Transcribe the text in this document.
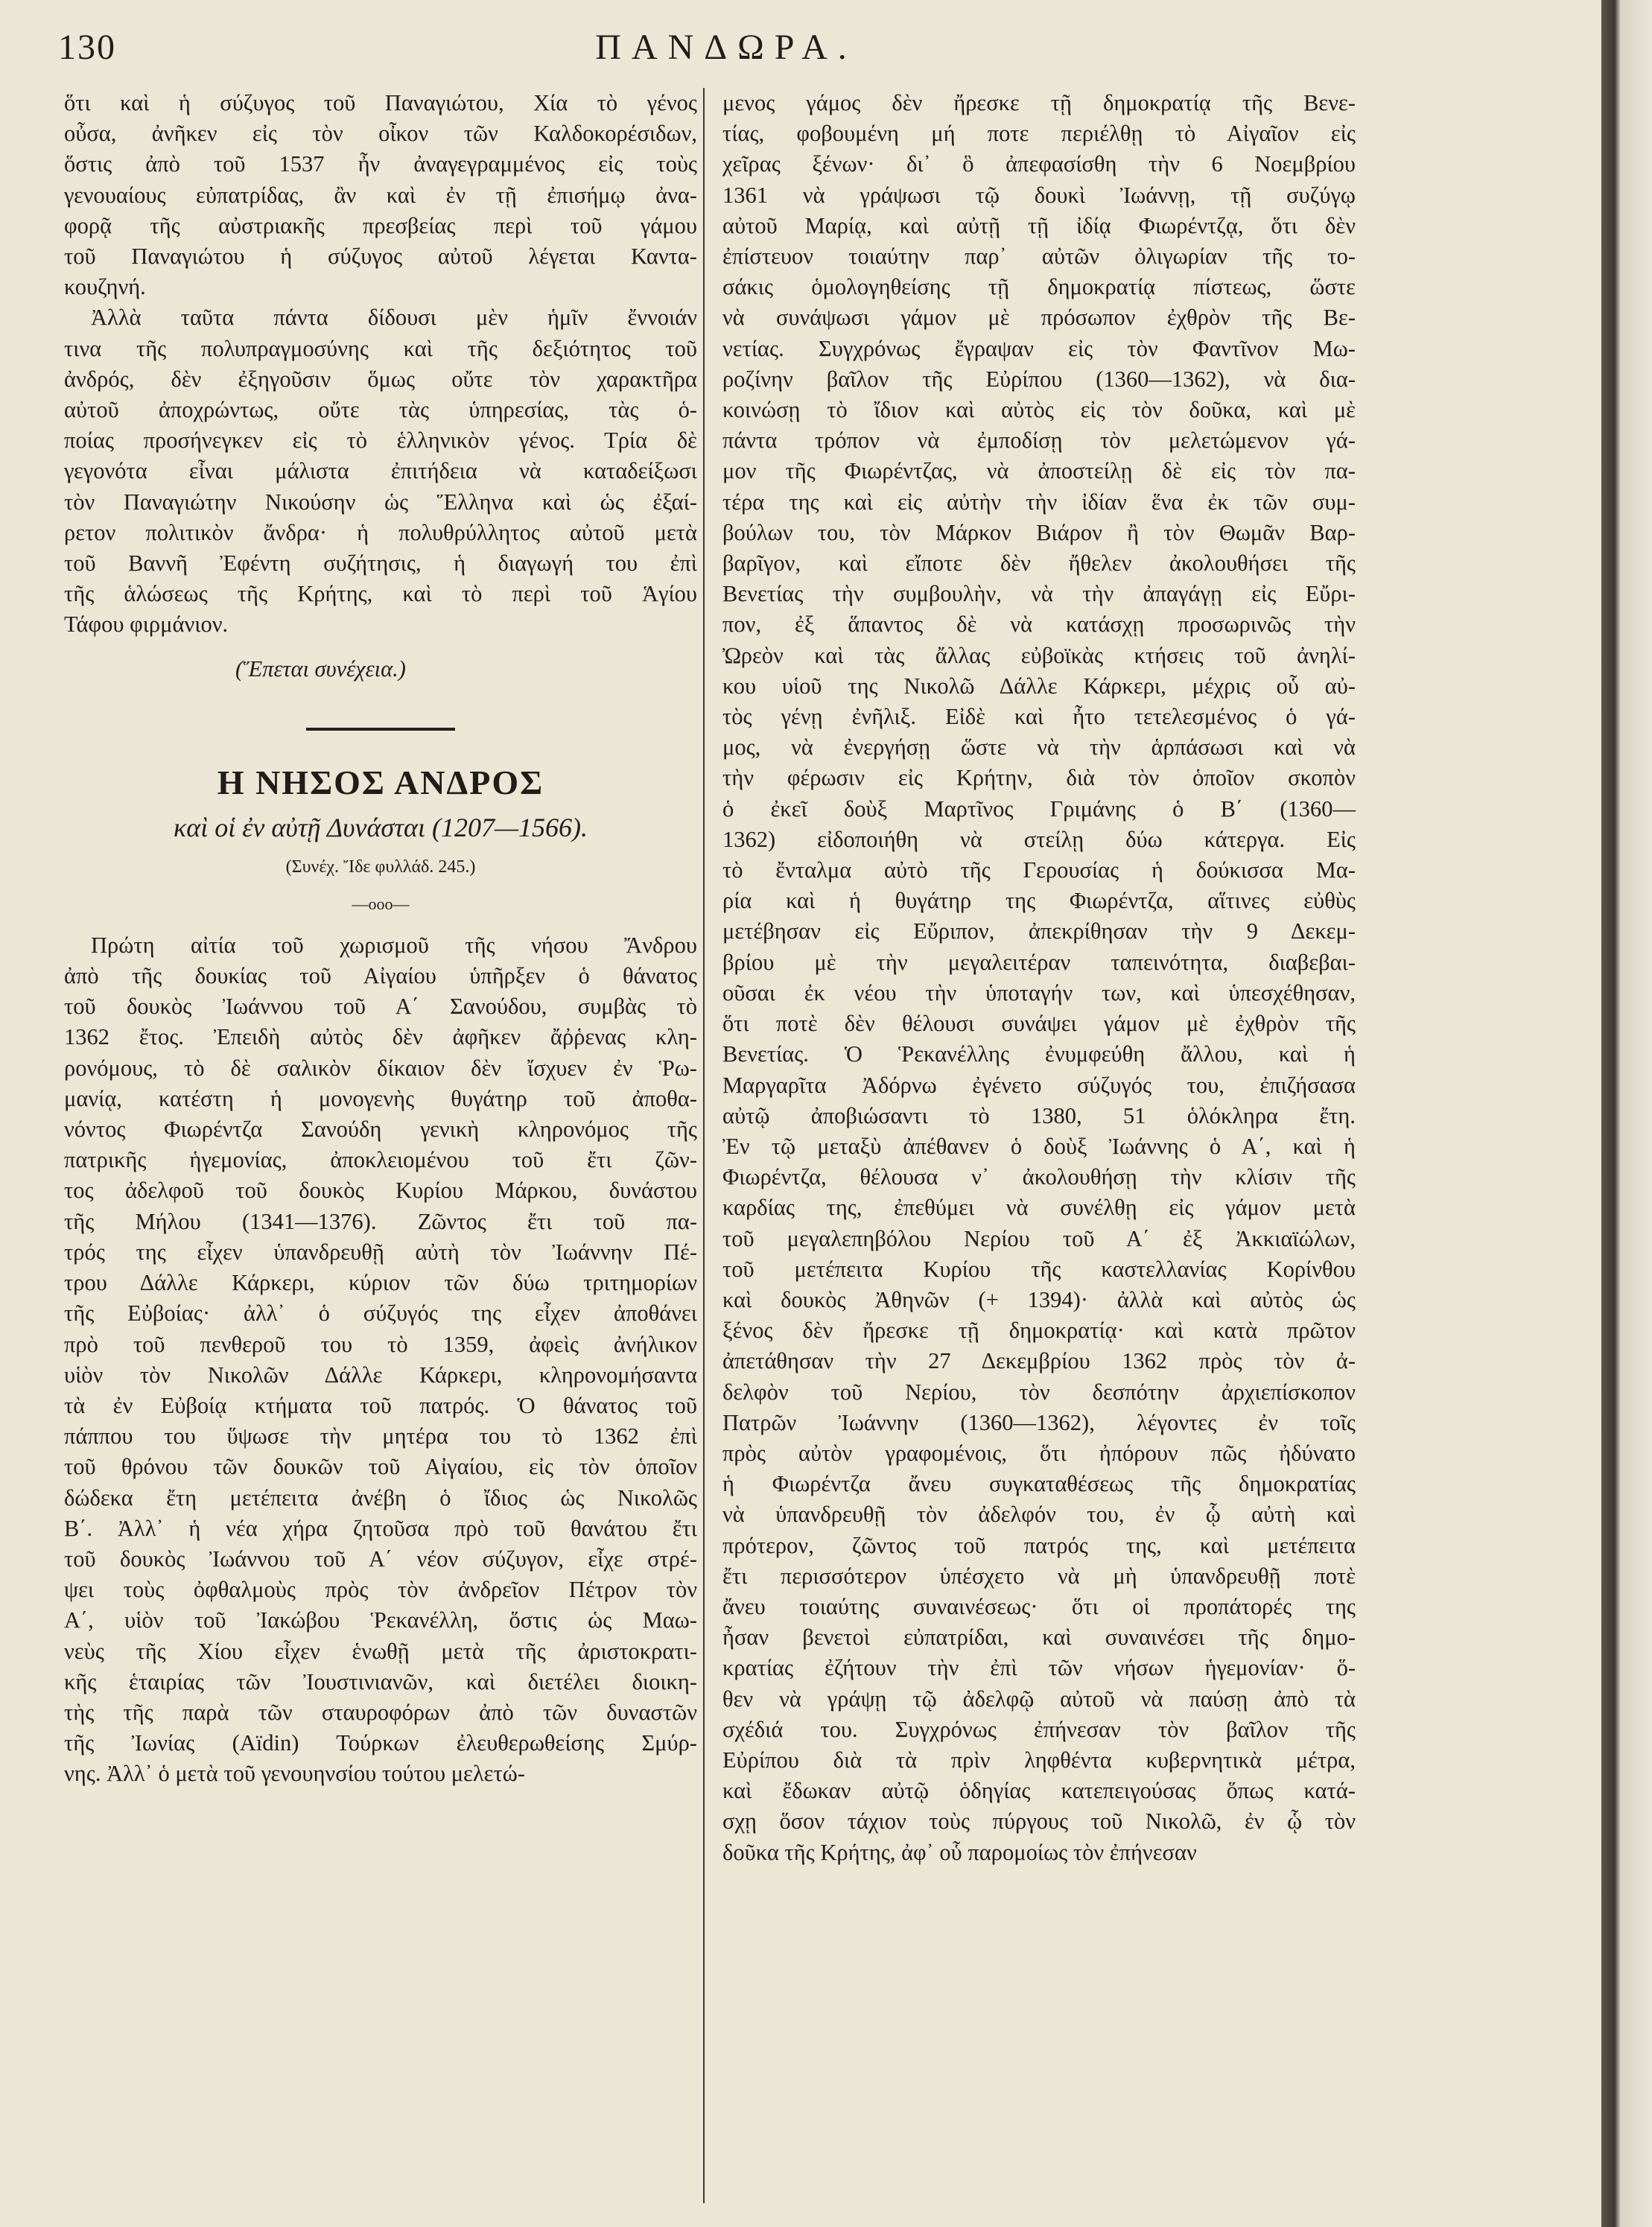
130	ΠΑΝΔΩΡΑ.

ὅτι καὶ ἡ σύζυγος τοῦ Παναγιώτου, Χία τὸ γένος
οὖσα, ἀνῆκεν εἰς τὸν οἶκον τῶν Καλδοκορέσιδων,
ὅστις ἀπὸ τοῦ 1537 ἦν ἀναγεγραμμένος εἰς τοὺς
γενουαίους εὐπατρίδας, ἂν καὶ ἐν τῇ ἐπισήμῳ ἀνα-
φορᾷ τῆς αὐστριακῆς πρεσβείας περὶ τοῦ γάμου
τοῦ Παναγιώτου ἡ σύζυγος αὐτοῦ λέγεται Καντα-
κουζηνή.

Ἀλλὰ ταῦτα πάντα δίδουσι μὲν ἡμῖν ἔννοιάν
τινα τῆς πολυπραγμοσύνης καὶ τῆς δεξιότητος τοῦ
ἀνδρός, δὲν ἐξηγοῦσιν ὅμως οὔτε τὸν χαρακτῆρα
αὐτοῦ ἀποχρώντως, οὔτε τὰς ὑπηρεσίας, τὰς ὁ-
ποίας προσήνεγκεν εἰς τὸ ἑλληνικὸν γένος. Τρία δὲ
γεγονότα εἶναι μάλιστα ἐπιτήδεια νὰ καταδείξωσι
τὸν Παναγιώτην Νικούσην ὡς Ἕλληνα καὶ ὡς ἐξαί-
ρετον πολιτικὸν ἄνδρα· ἡ πολυθρύλλητος αὐτοῦ μετὰ
τοῦ Βαννῆ Ἐφέντη συζήτησις, ἡ διαγωγή του ἐπὶ
τῆς ἁλώσεως τῆς Κρήτης, καὶ τὸ περὶ τοῦ Ἁγίου
Τάφου φιρμάνιον.

(Ἕπεται συνέχεια.)
Η ΝΗΣΟΣ ΑΝΔΡΟΣ
καὶ οἱ ἐν αὐτῇ Δυνάσται (1207—1566).
(Συνέχ. Ἴδε φυλλάδ. 245.)
—οοο—

Πρώτη αἰτία τοῦ χωρισμοῦ τῆς νήσου Ἄνδρου
ἀπὸ τῆς δουκίας τοῦ Αἰγαίου ὑπῆρξεν ὁ θάνατος
τοῦ δουκὸς Ἰωάννου τοῦ Α΄ Σανούδου, συμβὰς τὸ
1362 ἔτος. Ἐπειδὴ αὐτὸς δὲν ἀφῆκεν ἄῤῥενας κλη-
ρονόμους, τὸ δὲ σαλικὸν δίκαιον δὲν ἴσχυεν ἐν Ῥω-
μανίᾳ, κατέστη ἡ μονογενὴς θυγάτηρ τοῦ ἀποθα-
νόντος Φιωρέντζα Σανούδη γενικὴ κληρονόμος τῆς
πατρικῆς ἡγεμονίας, ἀποκλειομένου τοῦ ἔτι ζῶν-
τος ἀδελφοῦ τοῦ δουκὸς Κυρίου Μάρκου, δυνάστου
τῆς Μήλου (1341—1376). Ζῶντος ἔτι τοῦ πα-
τρός της εἶχεν ὑπανδρευθῇ αὐτὴ τὸν Ἰωάννην Πέ-
τρου Δάλλε Κάρκερι, κύριον τῶν δύω τριτημορίων
τῆς Εὐβοίας· ἀλλ᾽ ὁ σύζυγός της εἶχεν ἀποθάνει
πρὸ τοῦ πενθεροῦ του τὸ 1359, ἀφεὶς ἀνήλικον
υἱὸν τὸν Νικολῶν Δάλλε Κάρκερι, κληρονομήσαντα
τὰ ἐν Εὐβοίᾳ κτήματα τοῦ πατρός. Ὁ θάνατος τοῦ
πάππου του ὕψωσε τὴν μητέρα του τὸ 1362 ἐπὶ
τοῦ θρόνου τῶν δουκῶν τοῦ Αἰγαίου, εἰς τὸν ὁποῖον
δώδεκα ἔτη μετέπειτα ἀνέβη ὁ ἴδιος ὡς Νικολῶς
Β΄. Ἀλλ᾽ ἡ νέα χήρα ζητοῦσα πρὸ τοῦ θανάτου ἔτι
τοῦ δουκὸς Ἰωάννου τοῦ Α΄ νέον σύζυγον, εἶχε στρέ-
ψει τοὺς ὀφθαλμοὺς πρὸς τὸν ἀνδρεῖον Πέτρον τὸν
Α΄, υἱὸν τοῦ Ἰακώβου Ῥεκανέλλη, ὅστις ὡς Μαω-
νεὺς τῆς Χίου εἶχεν ἑνωθῇ μετὰ τῆς ἀριστοκρατι-
κῆς ἑταιρίας τῶν Ἰουστινιανῶν, καὶ διετέλει διοικη-
τὴς τῆς παρὰ τῶν σταυροφόρων ἀπὸ τῶν δυναστῶν
τῆς Ἰωνίας (Aïdin) Τούρκων ἐλευθερωθείσης Σμύρ-
νης. Ἀλλ᾽ ὁ μετὰ τοῦ γενουηνσίου τούτου μελετώ-

μενος γάμος δὲν ἤρεσκε τῇ δημοκρατίᾳ τῆς Βενε-
τίας, φοβουμένη μή ποτε περιέλθῃ τὸ Αἰγαῖον εἰς
χεῖρας ξένων· δι᾽ ὃ ἀπεφασίσθη τὴν 6 Νοεμβρίου
1361 νὰ γράψωσι τῷ δουκὶ Ἰωάννῃ, τῇ συζύγῳ
αὐτοῦ Μαρίᾳ, καὶ αὐτῇ τῇ ἰδίᾳ Φιωρέντζᾳ, ὅτι δὲν
ἐπίστευον τοιαύτην παρ᾽ αὐτῶν ὀλιγωρίαν τῆς το-
σάκις ὁμολογηθείσης τῇ δημοκρατίᾳ πίστεως, ὥστε
νὰ συνάψωσι γάμον μὲ πρόσωπον ἐχθρὸν τῆς Βε-
νετίας. Συγχρόνως ἔγραψαν εἰς τὸν Φαντῖνον Μω-
ροζίνην βαῖλον τῆς Εὐρίπου (1360—1362), νὰ δια-
κοινώσῃ τὸ ἴδιον καὶ αὐτὸς εἰς τὸν δοῦκα, καὶ μὲ
πάντα τρόπον νὰ ἐμποδίσῃ τὸν μελετώμενον γά-
μον τῆς Φιωρέντζας, νὰ ἀποστείλῃ δὲ εἰς τὸν πα-
τέρα της καὶ εἰς αὐτὴν τὴν ἰδίαν ἕνα ἐκ τῶν συμ-
βούλων του, τὸν Μάρκον Βιάρον ἢ τὸν Θωμᾶν Βαρ-
βαρῖγον, καὶ εἴποτε δὲν ἤθελεν ἀκολουθήσει τῆς
Βενετίας τὴν συμβουλὴν, νὰ τὴν ἀπαγάγῃ εἰς Εὔρι-
πον, ἐξ ἅπαντος δὲ νὰ κατάσχῃ προσωρινῶς τὴν
Ὠρεὸν καὶ τὰς ἄλλας εὐβοϊκὰς κτήσεις τοῦ ἀνηλί-
κου υἱοῦ της Νικολῶ Δάλλε Κάρκερι, μέχρις οὗ αὐ-
τὸς γένῃ ἐνῆλιξ. Εἰδὲ καὶ ἦτο τετελεσμένος ὁ γά-
μος, νὰ ἐνεργήσῃ ὥστε νὰ τὴν ἁρπάσωσι καὶ νὰ
τὴν φέρωσιν εἰς Κρήτην, διὰ τὸν ὁποῖον σκοπὸν
ὁ ἐκεῖ δοὺξ Μαρτῖνος Γριμάνης ὁ Β΄ (1360—
1362) εἰδοποιήθη νὰ στείλῃ δύω κάτεργα. Εἰς
τὸ ἔνταλμα αὐτὸ τῆς Γερουσίας ἡ δούκισσα Μα-
ρία καὶ ἡ θυγάτηρ της Φιωρέντζα, αἵτινες εὐθὺς
μετέβησαν εἰς Εὔριπον, ἀπεκρίθησαν τὴν 9 Δεκεμ-
βρίου μὲ τὴν μεγαλειτέραν ταπεινότητα, διαβεβαι-
οῦσαι ἐκ νέου τὴν ὑποταγήν των, καὶ ὑπεσχέθησαν,
ὅτι ποτὲ δὲν θέλουσι συνάψει γάμον μὲ ἐχθρὸν τῆς
Βενετίας. Ὁ Ῥεκανέλλης ἐνυμφεύθη ἄλλου, καὶ ἡ
Μαργαρῖτα Ἀδόρνω ἐγένετο σύζυγός του, ἐπιζήσασα
αὐτῷ ἀποβιώσαντι τὸ 1380, 51 ὁλόκληρα ἔτη.
Ἐν τῷ μεταξὺ ἀπέθανεν ὁ δοὺξ Ἰωάννης ὁ Α΄, καὶ ἡ
Φιωρέντζα, θέλουσα ν᾽ ἀκολουθήσῃ τὴν κλίσιν τῆς
καρδίας της, ἐπεθύμει νὰ συνέλθῃ εἰς γάμον μετὰ
τοῦ μεγαλεπηβόλου Νερίου τοῦ Α΄ ἐξ Ἀκκιαϊώλων,
τοῦ μετέπειτα Κυρίου τῆς καστελλανίας Κορίνθου
καὶ δουκὸς Ἀθηνῶν (+ 1394)· ἀλλὰ καὶ αὐτὸς ὡς
ξένος δὲν ἤρεσκε τῇ δημοκρατίᾳ· καὶ κατὰ πρῶτον
ἀπετάθησαν τὴν 27 Δεκεμβρίου 1362 πρὸς τὸν ἀ-
δελφὸν τοῦ Νερίου, τὸν δεσπότην ἀρχιεπίσκοπον
Πατρῶν Ἰωάννην (1360—1362), λέγοντες ἐν τοῖς
πρὸς αὐτὸν γραφομένοις, ὅτι ἠπόρουν πῶς ἠδύνατο
ἡ Φιωρέντζα ἄνευ συγκαταθέσεως τῆς δημοκρατίας
νὰ ὑπανδρευθῇ τὸν ἀδελφόν του, ἐν ᾧ αὐτὴ καὶ
πρότερον, ζῶντος τοῦ πατρός της, καὶ μετέπειτα
ἔτι περισσότερον ὑπέσχετο νὰ μὴ ὑπανδρευθῇ ποτὲ
ἄνευ τοιαύτης συναινέσεως· ὅτι οἱ προπάτορές της
ἦσαν βενετοὶ εὐπατρίδαι, καὶ συναινέσει τῆς δημο-
κρατίας ἐζήτουν τὴν ἐπὶ τῶν νήσων ἡγεμονίαν· ὅ-
θεν νὰ γράψῃ τῷ ἀδελφῷ αὐτοῦ νὰ παύσῃ ἀπὸ τὰ
σχέδιά του. Συγχρόνως ἐπήνεσαν τὸν βαῖλον τῆς
Εὐρίπου διὰ τὰ πρὶν ληφθέντα κυβερνητικὰ μέτρα,
καὶ ἔδωκαν αὐτῷ ὁδηγίας κατεπειγούσας ὅπως κατά-
σχῃ ὅσον τάχιον τοὺς πύργους τοῦ Νικολῶ, ἐν ᾧ τὸν
δοῦκα τῆς Κρήτης, ἀφ᾽ οὗ παρομοίως τὸν ἐπήνεσαν
